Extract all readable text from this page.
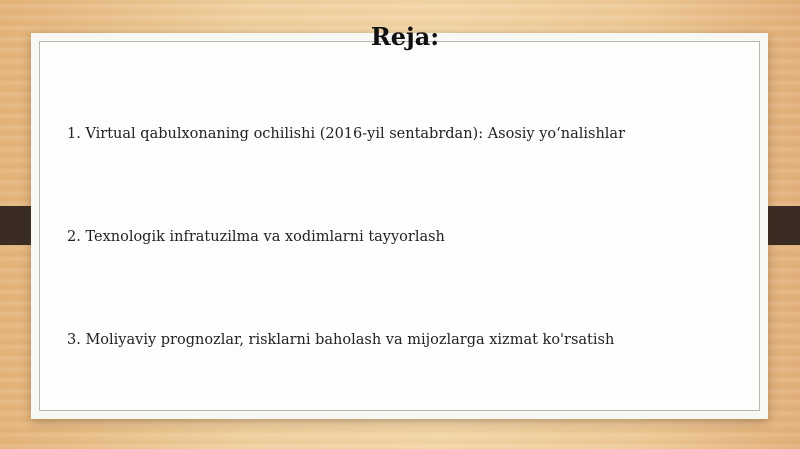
Reja:
1. Virtual qabulxonaning ochilishi (2016-yil sentabrdan): Asosiy yo‘nalishlar
2. Texnologik infratuzilma va xodimlarni tayyorlash
3. Moliyaviy prognozlar, risklarni baholash va mijozlarga xizmat ko'rsatish
